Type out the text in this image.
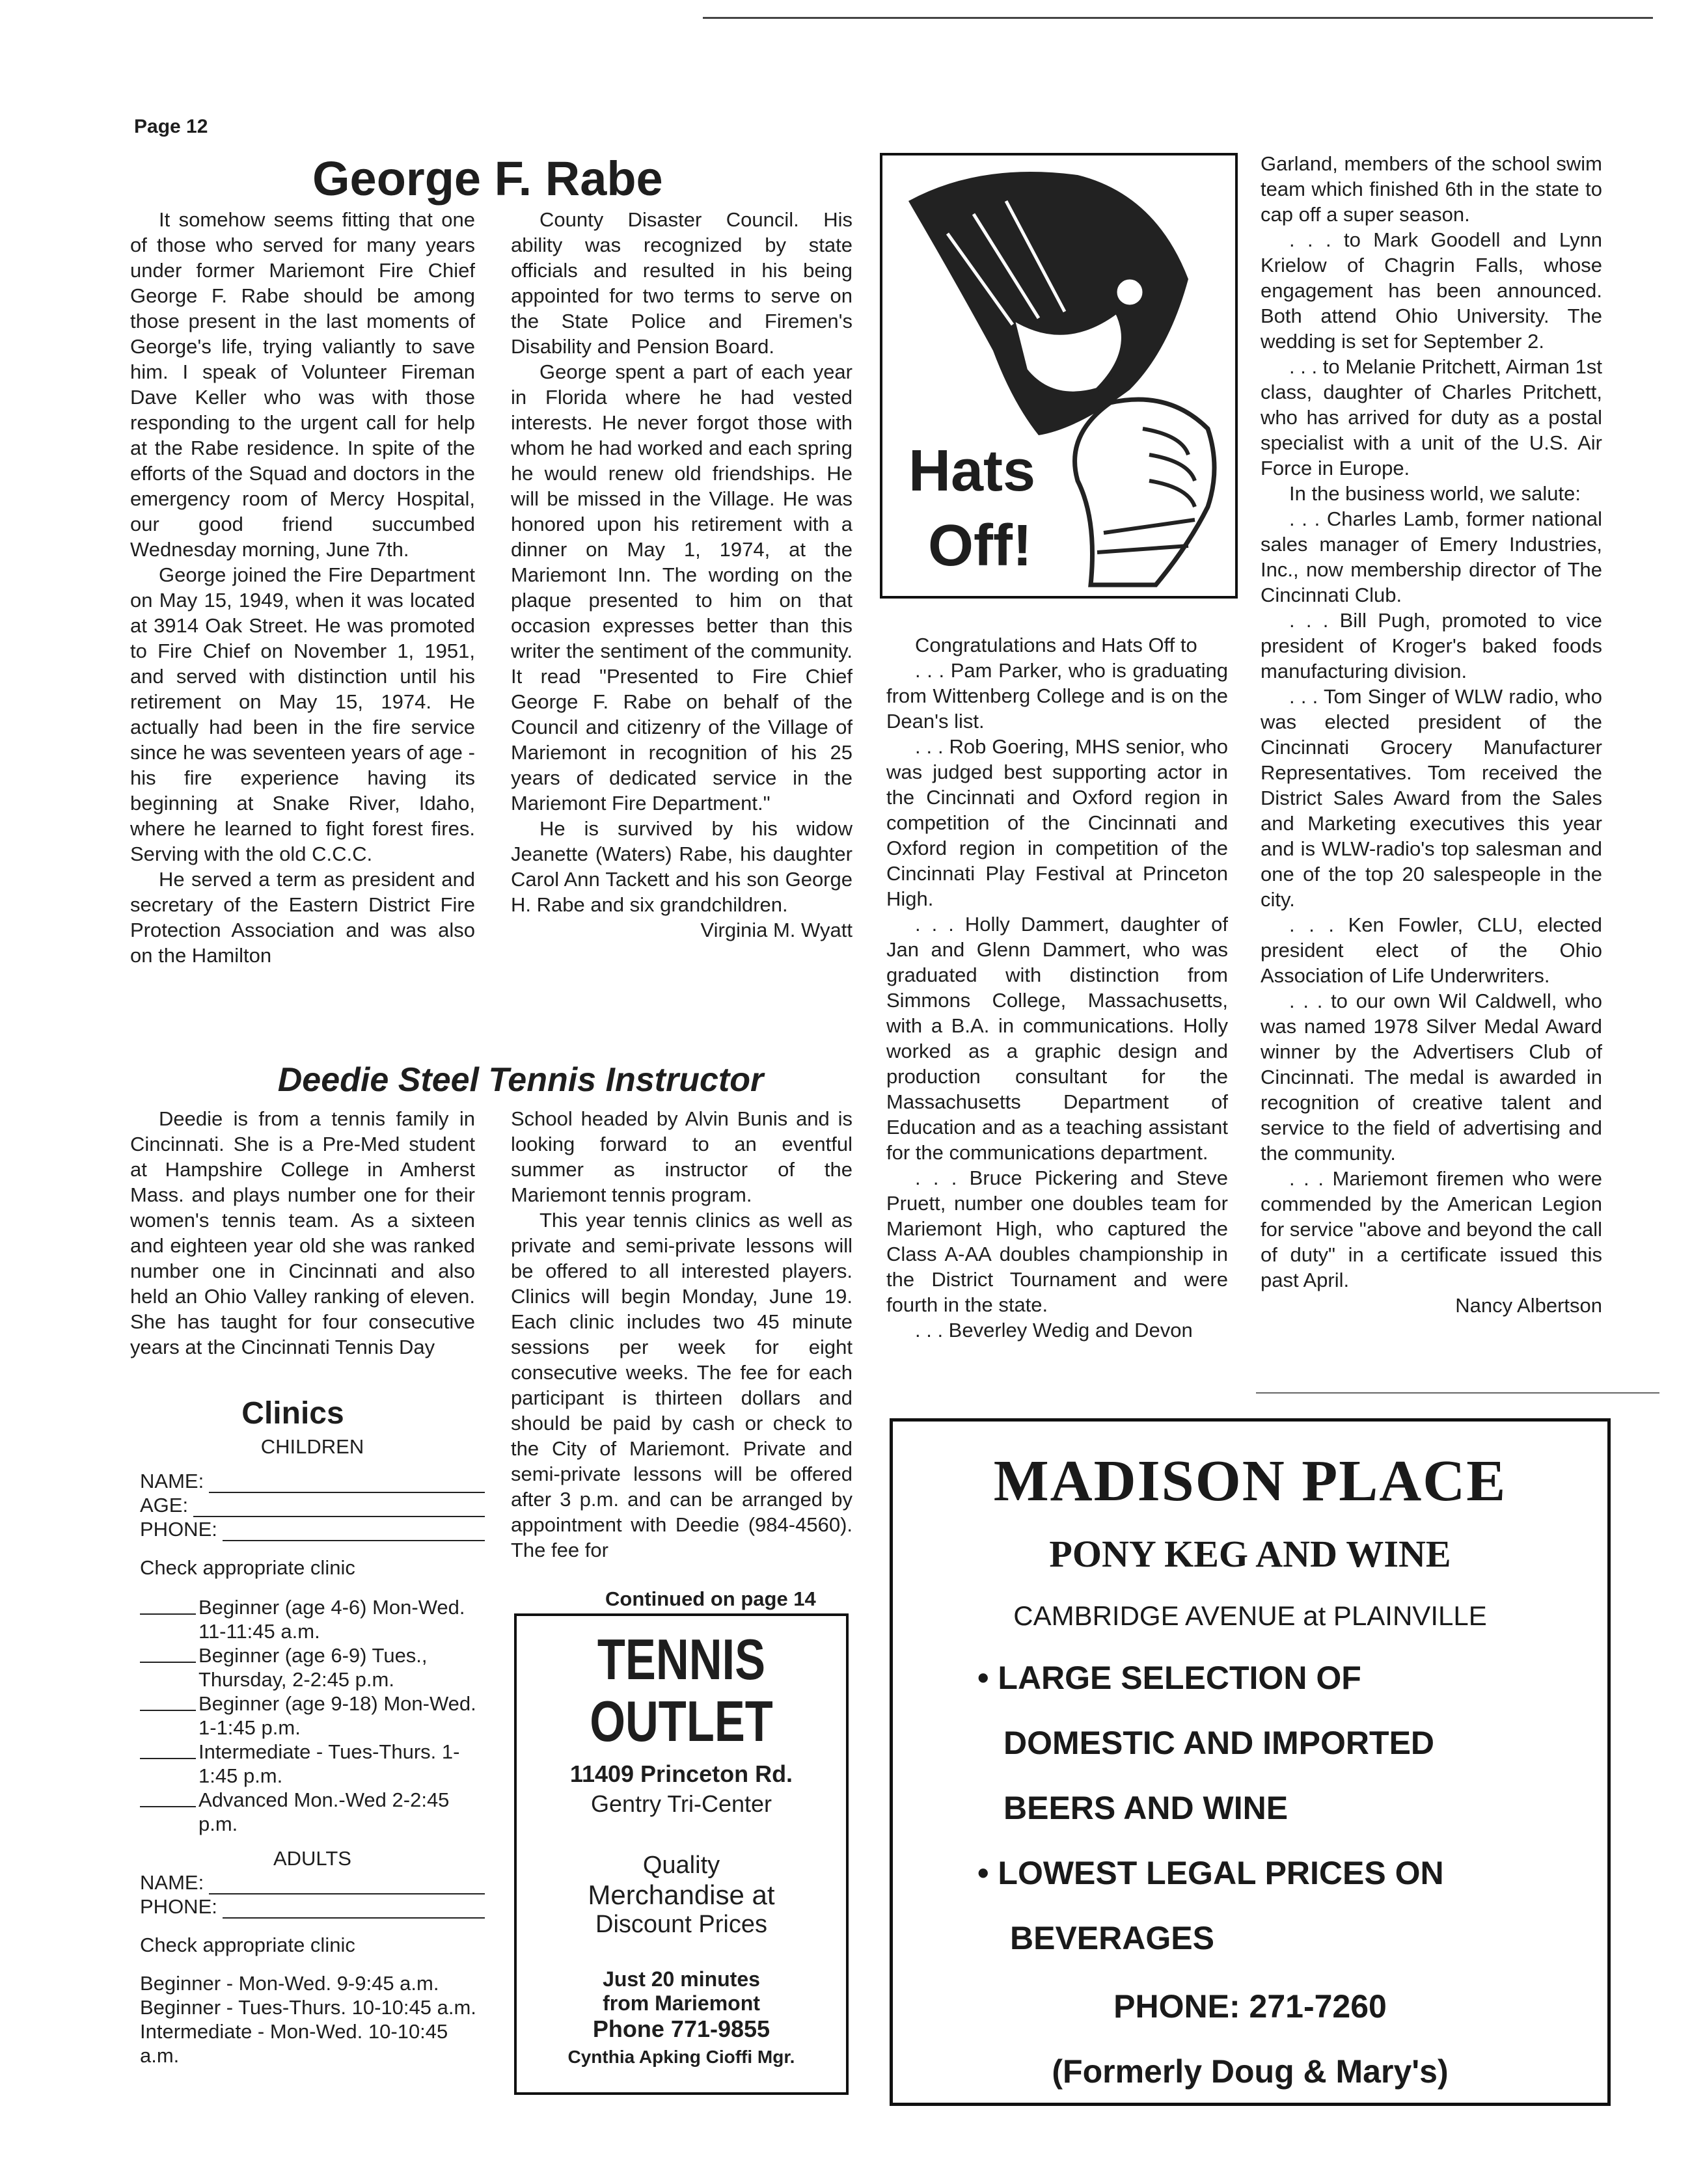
Page 12
George F. Rabe

It somehow seems fitting that one of those who served for many years under former Mariemont Fire Chief George F. Rabe should be among those present in the last moments of George's life, trying valiantly to save him. I speak of Volunteer Fireman Dave Keller who was with those responding to the urgent call for help at the Rabe residence. In spite of the efforts of the Squad and doctors in the emergency room of Mercy Hospital, our good friend succumbed Wednesday morning, June 7th.

George joined the Fire Department on May 15, 1949, when it was located at 3914 Oak Street. He was promoted to Fire Chief on November 1, 1951, and served with distinction until his retirement on May 15, 1974. He actually had been in the fire service since he was seventeen years of age - his fire experience having its beginning at Snake River, Idaho, where he learned to fight forest fires. Serving with the old C.C.C.

He served a term as president and secretary of the Eastern District Fire Protection Association and was also on the Hamilton

County Disaster Council. His ability was recognized by state officials and resulted in his being appointed for two terms to serve on the State Police and Firemen's Disability and Pension Board.

George spent a part of each year in Florida where he had vested interests. He never forgot those with whom he had worked and each spring he would renew old friendships. He will be missed in the Village. He was honored upon his retirement with a dinner on May 1, 1974, at the Mariemont Inn. The wording on the plaque presented to him on that occasion expresses better than this writer the sentiment of the community. It read "Presented to Fire Chief George F. Rabe on behalf of the Council and citizenry of the Village of Mariemont in recognition of his 25 years of dedicated service in the Mariemont Fire Department."

He is survived by his widow Jeanette (Waters) Rabe, his daughter Carol Ann Tackett and his son George H. Rabe and six grandchildren.

Virginia M. Wyatt

Deedie Steel Tennis Instructor

Deedie is from a tennis family in Cincinnati. She is a Pre-Med student at Hampshire College in Amherst Mass. and plays number one for their women's tennis team. As a sixteen and eighteen year old she was ranked number one in Cincinnati and also held an Ohio Valley ranking of eleven. She has taught for four consecutive years at the Cincinnati Tennis Day

School headed by Alvin Bunis and is looking forward to an eventful summer as instructor of the Mariemont tennis program.

This year tennis clinics as well as private and semi-private lessons will be offered to all interested players. Clinics will begin Monday, June 19. Each clinic includes two 45 minute sessions per week for eight consecutive weeks. The fee for each participant is thirteen dollars and should be paid by cash or check to the City of Mariemont. Private and semi-private lessons will be offered after 3 p.m. and can be arranged by appointment with Deedie (984-4560). The fee for

Continued on page 14
Clinics
CHILDREN
NAME:
AGE:
PHONE:
Check appropriate clinic
Beginner (age 4-6) Mon-Wed. 11-11:45 a.m.
Beginner (age 6-9) Tues., Thursday, 2-2:45 p.m.
Beginner (age 9-18) Mon-Wed. 1-1:45 p.m.
Intermediate - Tues-Thurs. 1-1:45 p.m.
Advanced Mon.-Wed 2-2:45 p.m.
ADULTS
NAME:
PHONE:
Check appropriate clinic
Beginner - Mon-Wed. 9-9:45 a.m.
Beginner - Tues-Thurs. 10-10:45 a.m.
Intermediate - Mon-Wed. 10-10:45 a.m.
Hats
Off!

Congratulations and Hats Off to

. . . Pam Parker, who is graduating from Wittenberg College and is on the Dean's list.

. . . Rob Goering, MHS senior, who was judged best supporting actor in the Cincinnati and Oxford region in competition of the Cincinnati and Oxford region in competition of the Cincinnati Play Festival at Princeton High.

. . . Holly Dammert, daughter of Jan and Glenn Dammert, who was graduated with distinction from Simmons College, Massachusetts, with a B.A. in communications. Holly worked as a graphic design and production consultant for the Massachusetts Department of Education and as a teaching assistant for the communications department.

. . . Bruce Pickering and Steve Pruett, number one doubles team for Mariemont High, who captured the Class A-AA doubles championship in the District Tournament and were fourth in the state.

. . . Beverley Wedig and Devon

Garland, members of the school swim team which finished 6th in the state to cap off a super season.

. . . to Mark Goodell and Lynn Krielow of Chagrin Falls, whose engagement has been announced. Both attend Ohio University. The wedding is set for September 2.

. . . to Melanie Pritchett, Airman 1st class, daughter of Charles Pritchett, who has arrived for duty as a postal specialist with a unit of the U.S. Air Force in Europe.

In the business world, we salute:

. . . Charles Lamb, former national sales manager of Emery Industries, Inc., now membership director of The Cincinnati Club.

. . . Bill Pugh, promoted to vice president of Kroger's baked foods manufacturing division.

. . . Tom Singer of WLW radio, who was elected president of the Cincinnati Grocery Manufacturer Representatives. Tom received the District Sales Award from the Sales and Marketing executives this year and is WLW-radio's top salesman and one of the top 20 salespeople in the city.

. . . Ken Fowler, CLU, elected president elect of the Ohio Association of Life Underwriters.

. . . to our own Wil Caldwell, who was named 1978 Silver Medal Award winner by the Advertisers Club of Cincinnati. The medal is awarded in recognition of creative talent and service to the field of advertising and the community.

. . . Mariemont firemen who were commended by the American Legion for service "above and beyond the call of duty" in a certificate issued this past April.

Nancy Albertson

TENNIS
OUTLET
11409 Princeton Rd.
Gentry Tri-Center
Quality
Merchandise at
Discount Prices
Just 20 minutes
from Mariemont
Phone 771-9855
Cynthia Apking Cioffi Mgr.
MADISON PLACE
PONY KEG AND WINE
CAMBRIDGE AVENUE at PLAINVILLE
• LARGE SELECTION OF
DOMESTIC AND IMPORTED
BEERS AND WINE
• LOWEST LEGAL PRICES ON
BEVERAGES
PHONE: 271-7260
(Formerly Doug & Mary's)
